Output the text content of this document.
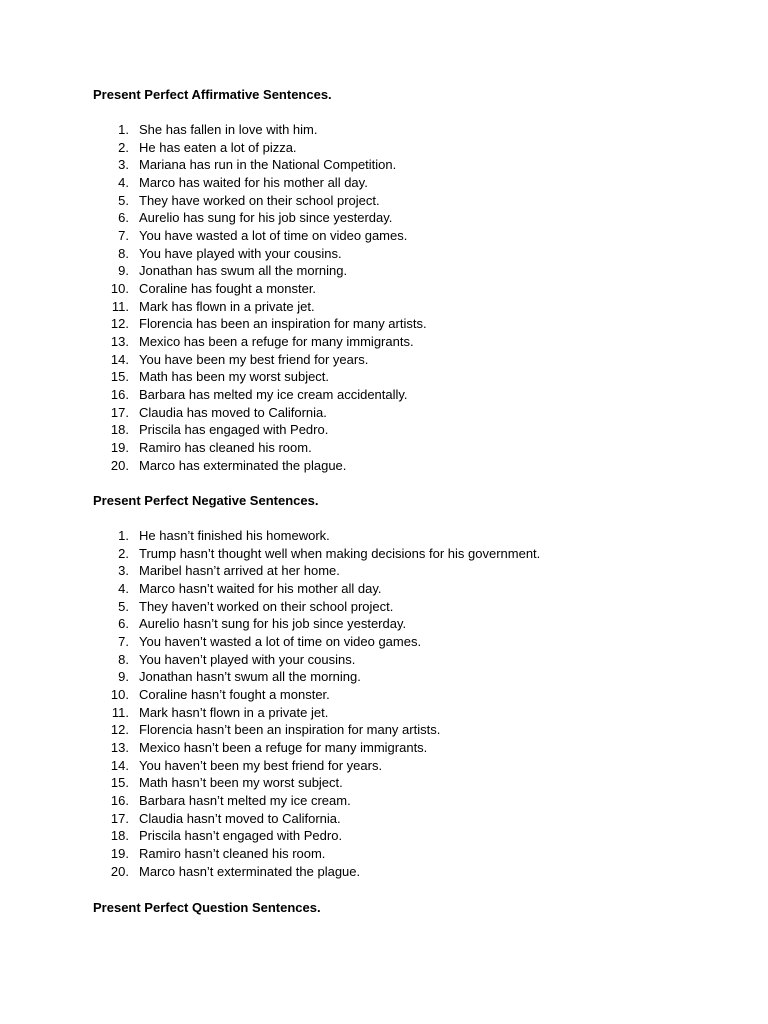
Present Perfect Affirmative Sentences.

1. She has fallen in love with him.
2. He has eaten a lot of pizza.
3. Mariana has run in the National Competition.
4. Marco has waited for his mother all day.
5. They have worked on their school project.
6. Aurelio has sung for his job since yesterday.
7. You have wasted a lot of time on video games.
8. You have played with your cousins.
9. Jonathan has swum all the morning.
10. Coraline has fought a monster.
11. Mark has flown in a private jet.
12. Florencia has been an inspiration for many artists.
13. Mexico has been a refuge for many immigrants.
14. You have been my best friend for years.
15. Math has been my worst subject.
16. Barbara has melted my ice cream accidentally.
17. Claudia has moved to California.
18. Priscila has engaged with Pedro.
19. Ramiro has cleaned his room.
20. Marco has exterminated the plague.

Present Perfect Negative Sentences.

1. He hasn’t finished his homework.
2. Trump hasn’t thought well when making decisions for his government.
3. Maribel hasn’t arrived at her home.
4. Marco hasn’t waited for his mother all day.
5. They haven’t worked on their school project.
6. Aurelio hasn’t sung for his job since yesterday.
7. You haven’t wasted a lot of time on video games.
8. You haven’t played with your cousins.
9. Jonathan hasn’t swum all the morning.
10. Coraline hasn’t fought a monster.
11. Mark hasn’t flown in a private jet.
12. Florencia hasn’t been an inspiration for many artists.
13. Mexico hasn’t been a refuge for many immigrants.
14. You haven’t been my best friend for years.
15. Math hasn’t been my worst subject.
16. Barbara hasn’t melted my ice cream.
17. Claudia hasn’t moved to California.
18. Priscila hasn’t engaged with Pedro.
19. Ramiro hasn’t cleaned his room.
20. Marco hasn’t exterminated the plague.

Present Perfect Question Sentences.
